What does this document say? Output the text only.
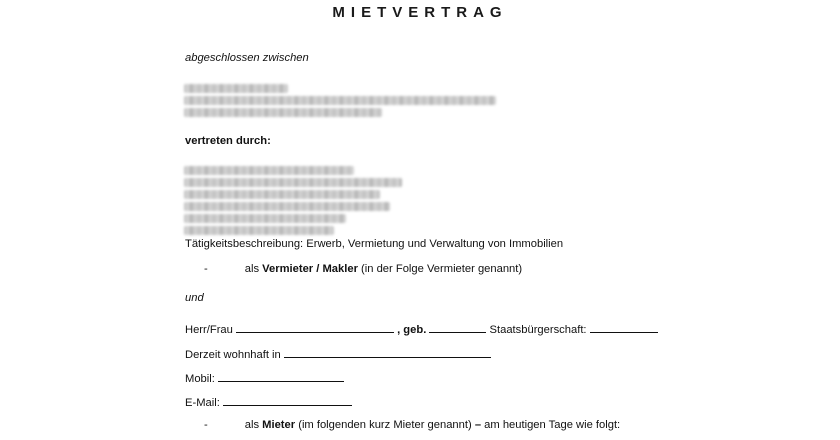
MIETVERTRAG
abgeschlossen zwischen
vertreten durch:
Tätigkeitsbeschreibung: Erwerb, Vermietung und Verwaltung von Immobilien
-	als Vermieter / Makler (in der Folge Vermieter genannt)
und
Herr/Frau	, geb.	Staatsbürgerschaft:
Derzeit wohnhaft in
Mobil:
E-Mail:
-	als Mieter (im folgenden kurz Mieter genannt) – am heutigen Tage wie folgt:
